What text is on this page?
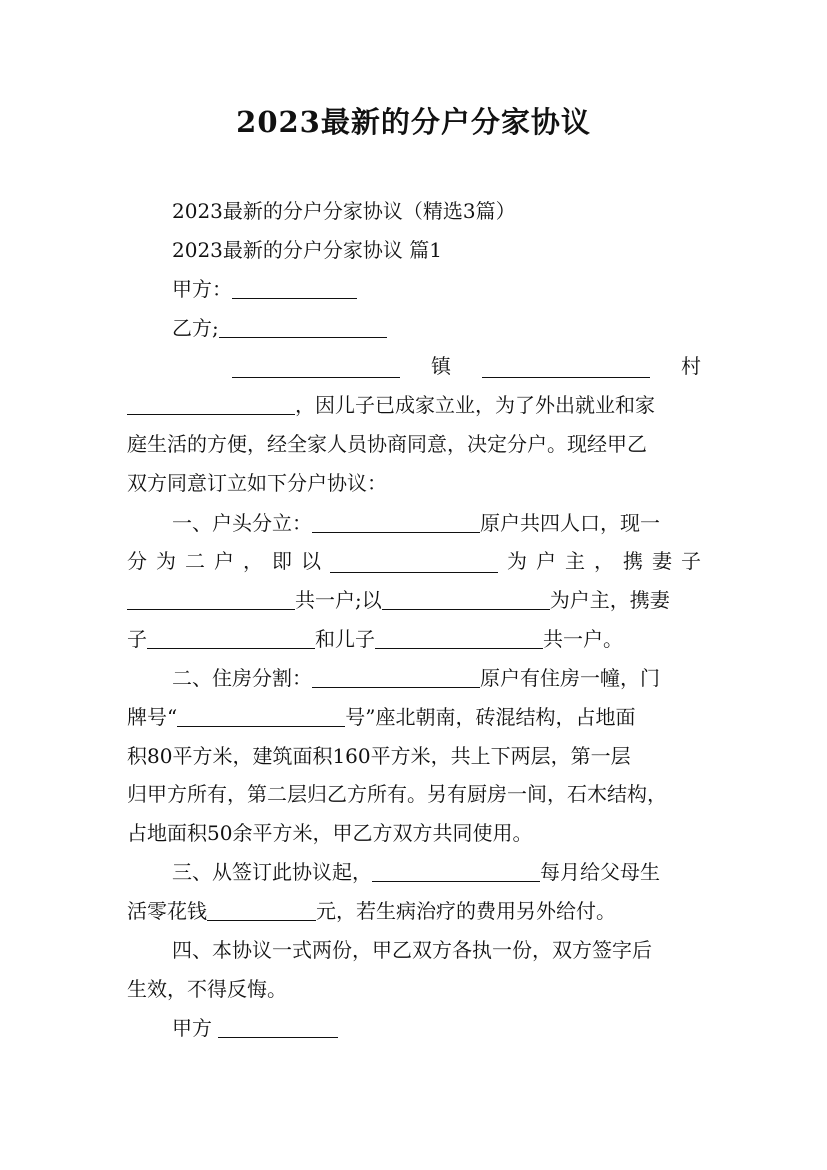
2023最新的分户分家协议
2023最新的分户分家协议（精选3篇）
2023最新的分户分家协议 篇1
甲方：
乙方;
镇	村
，因儿子已成家立业，为了外出就业和家
庭生活的方便，经全家人员协商同意，决定分户。现经甲乙
双方同意订立如下分户协议：
一、户头分立：	原户共四人口，现一
分 为 二 户 ， 即 以	为 户 主 ， 携 妻 子
共一户;以	为户主，携妻
子	和儿子	共一户。
二、住房分割：	原户有住房一幢，门
牌号“	号”座北朝南，砖混结构，占地面
积80平方米，建筑面积160平方米，共上下两层，第一层
归甲方所有，第二层归乙方所有。另有厨房一间，石木结构，
占地面积50余平方米，甲乙方双方共同使用。
三、从签订此协议起，	每月给父母生
活零花钱	元，若生病治疗的费用另外给付。
四、本协议一式两份，甲乙双方各执一份，双方签字后
生效，不得反悔。
甲方
